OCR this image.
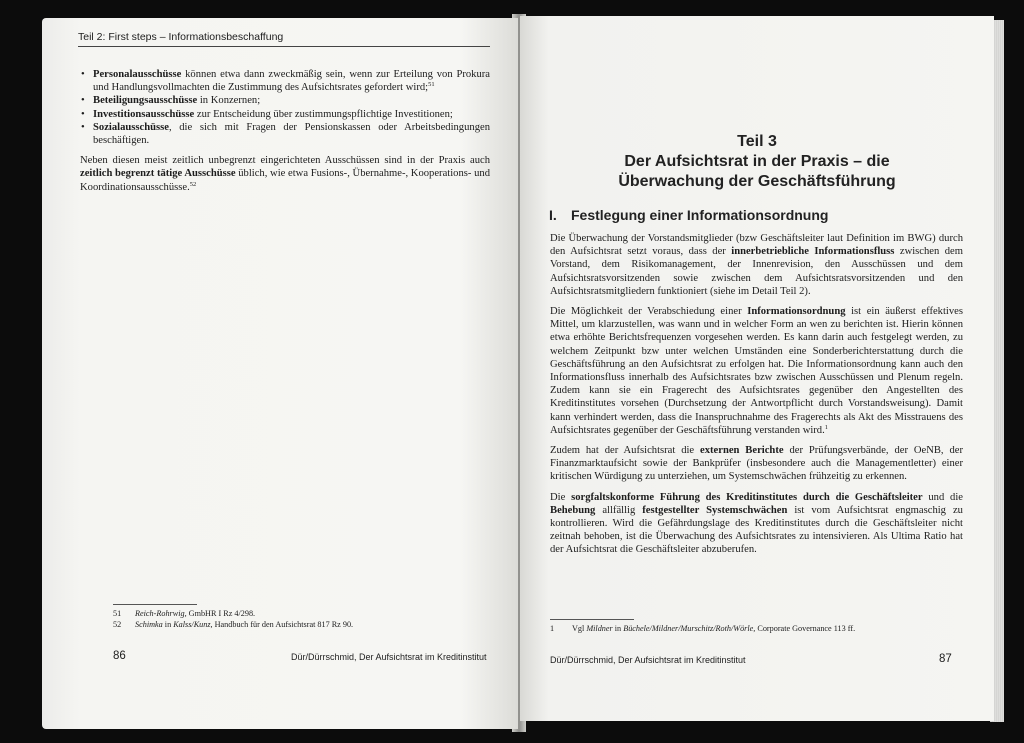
Teil 2: First steps – Informationsbeschaffung
• Personalausschüsse können etwa dann zweckmäßig sein, wenn zur Erteilung von Prokura und Handlungsvollmachten die Zustimmung des Aufsichtsrates gefordert wird;$^{51}$
• Beteiligungsausschüsse in Konzernen;
• Investitionsausschüsse zur Entscheidung über zustimmungspflichtige Investitionen;
• Sozialausschüsse, die sich mit Fragen der Pensionskassen oder Arbeitsbedingungen beschäftigen.

Neben diesen meist zeitlich unbegrenzt eingerichteten Ausschüssen sind in der Praxis auch zeitlich begrenzt tätige Ausschüsse üblich, wie etwa Fusions-, Übernahme-, Kooperations- und Koordinationsausschüsse.$^{52}$

51	Reich-Rohrwig, GmbHR I Rz 4/298.
52	Schimka in Kalss/Kunz, Handbuch für den Aufsichtsrat 817 Rz 90.
86	Dür/Dürrschmid, Der Aufsichtsrat im Kreditinstitut
Teil 3
Der Aufsichtsrat in der Praxis – die
Überwachung der Geschäftsführung
I. Festlegung einer Informationsordnung

Die Überwachung der Vorstandsmitglieder (bzw Geschäftsleiter laut Definition im BWG) durch den Aufsichtsrat setzt voraus, dass der innerbetriebliche Informationsfluss zwischen dem Vorstand, dem Risikomanagement, der Innenrevision, den Ausschüssen und dem Aufsichtsratsvorsitzenden sowie zwischen dem Aufsichtsratsvorsitzenden und den Aufsichtsratsmitgliedern funktioniert (siehe im Detail Teil 2).

Die Möglichkeit der Verabschiedung einer Informationsordnung ist ein äußerst effektives Mittel, um klarzustellen, was wann und in welcher Form an wen zu berichten ist. Hierin können etwa erhöhte Berichtsfrequenzen vorgesehen werden. Es kann darin auch festgelegt werden, zu welchem Zeitpunkt bzw unter welchen Umständen eine Sonderberichterstattung durch die Geschäftsführung an den Aufsichtsrat zu erfolgen hat. Die Informationsordnung kann auch den Informationsfluss innerhalb des Aufsichtsrates bzw zwischen Ausschüssen und Plenum regeln. Zudem kann sie ein Fragerecht des Aufsichtsrates gegenüber den Angestellten des Kreditinstitutes vorsehen (Durchsetzung der Antwortpflicht durch Vorstandsweisung). Damit kann verhindert werden, dass die Inanspruchnahme des Fragerechts als Akt des Misstrauens des Aufsichtsrates gegenüber der Geschäftsführung verstanden wird.$^1$

Zudem hat der Aufsichtsrat die externen Berichte der Prüfungsverbände, der OeNB, der Finanzmarktaufsicht sowie der Bankprüfer (insbesondere auch die Managementletter) einer kritischen Würdigung zu unterziehen, um Systemschwächen frühzeitig zu erkennen.

Die sorgfaltskonforme Führung des Kreditinstitutes durch die Geschäftsleiter und die Behebung allfällig festgestellter Systemschwächen ist vom Aufsichtsrat engmaschig zu kontrollieren. Wird die Gefährdungslage des Kreditinstitutes durch die Geschäftsleiter nicht zeitnah behoben, ist die Überwachung des Aufsichtsrates zu intensivieren. Als Ultima Ratio hat der Aufsichtsrat die Geschäftsleiter abzuberufen.

1	Vgl Mildner in Büchele/Mildner/Murschitz/Roth/Wörle, Corporate Governance 113 ff.
Dür/Dürrschmid, Der Aufsichtsrat im Kreditinstitut	87
